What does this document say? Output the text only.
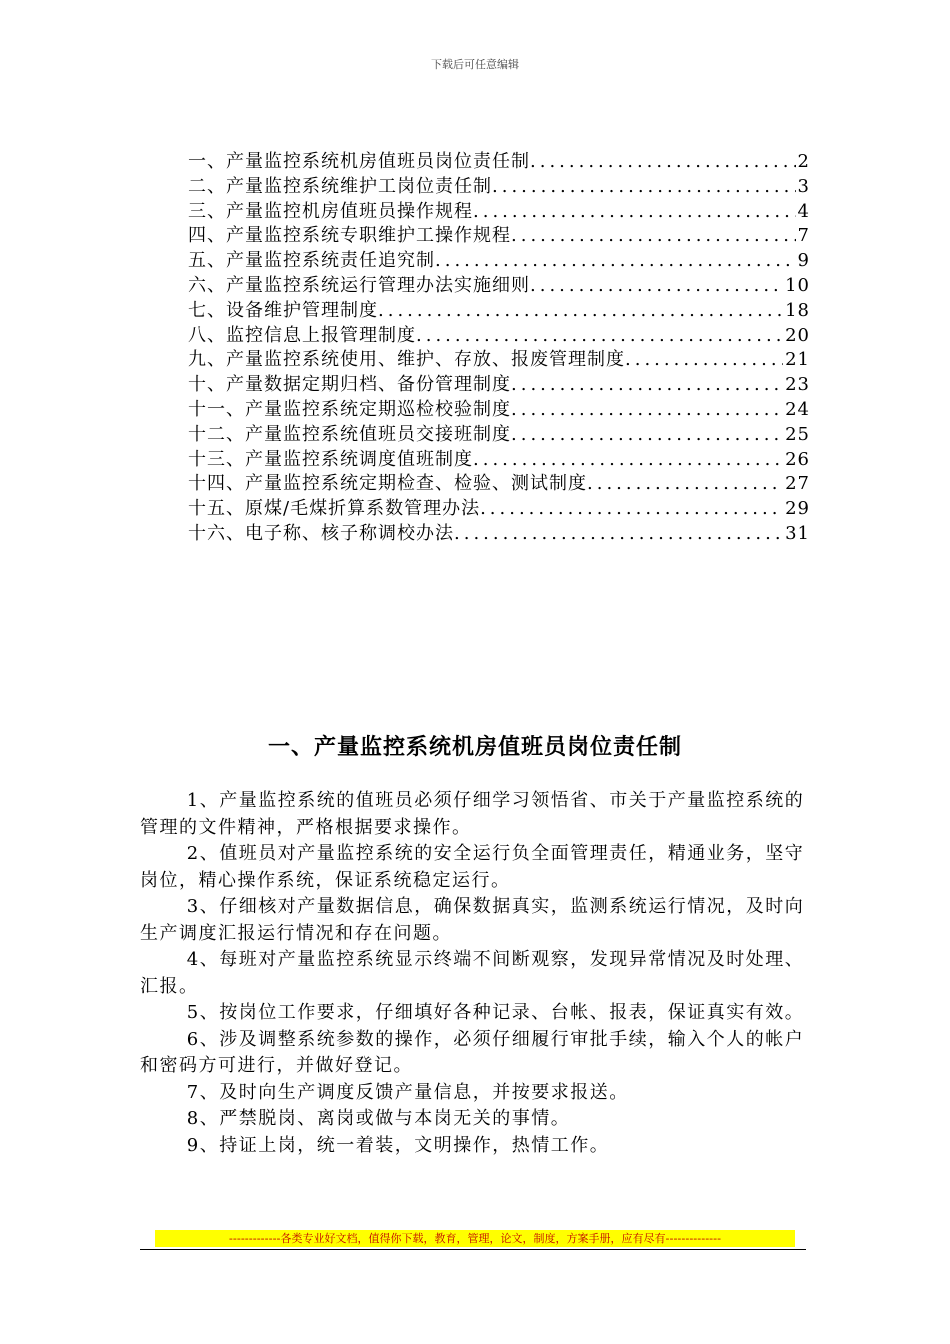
下载后可任意编辑
一、产量监控系统机房值班员岗位责任制 .....	2
二、产量监控系统维护工岗位责任制 .....	3
三、产量监控机房值班员操作规程 .....	4
四、产量监控系统专职维护工操作规程 .....	7
五、产量监控系统责任追究制 .....	9
六、产量监控系统运行管理办法实施细则 .....	10
七、设备维护管理制度 .....	18
八、监控信息上报管理制度 .....	20
九、产量监控系统使用、维护、存放、报废管理制度 .....	21
十、产量数据定期归档、备份管理制度 .....	23
十一、产量监控系统定期巡检校验制度 .....	24
十二、产量监控系统值班员交接班制度 .....	25
十三、产量监控系统调度值班制度 .....	26
十四、产量监控系统定期检查、检验、测试制度 .....	27
十五、原煤/毛煤折算系数管理办法 .....	29
十六、电子称、核子称调校办法 .....	31
一、产量监控系统机房值班员岗位责任制

1、产量监控系统的值班员必须仔细学习领悟省、市关于产量监控系统的管理的文件精神，严格根据要求操作。

2、值班员对产量监控系统的安全运行负全面管理责任，精通业务，坚守岗位，精心操作系统，保证系统稳定运行。

3、仔细核对产量数据信息，确保数据真实，监测系统运行情况，及时向生产调度汇报运行情况和存在问题。

4、每班对产量监控系统显示终端不间断观察，发现异常情况及时处理、汇报。

5、按岗位工作要求，仔细填好各种记录、台帐、报表，保证真实有效。

6、涉及调整系统参数的操作，必须仔细履行审批手续，输入个人的帐户和密码方可进行，并做好登记。

7、及时向生产调度反馈产量信息，并按要求报送。

8、严禁脱岗、离岗或做与本岗无关的事情。

9、持证上岗，统一着装，文明操作，热情工作。

-------------各类专业好文档，值得你下载，教育，管理，论文，制度，方案手册，应有尽有--------------
